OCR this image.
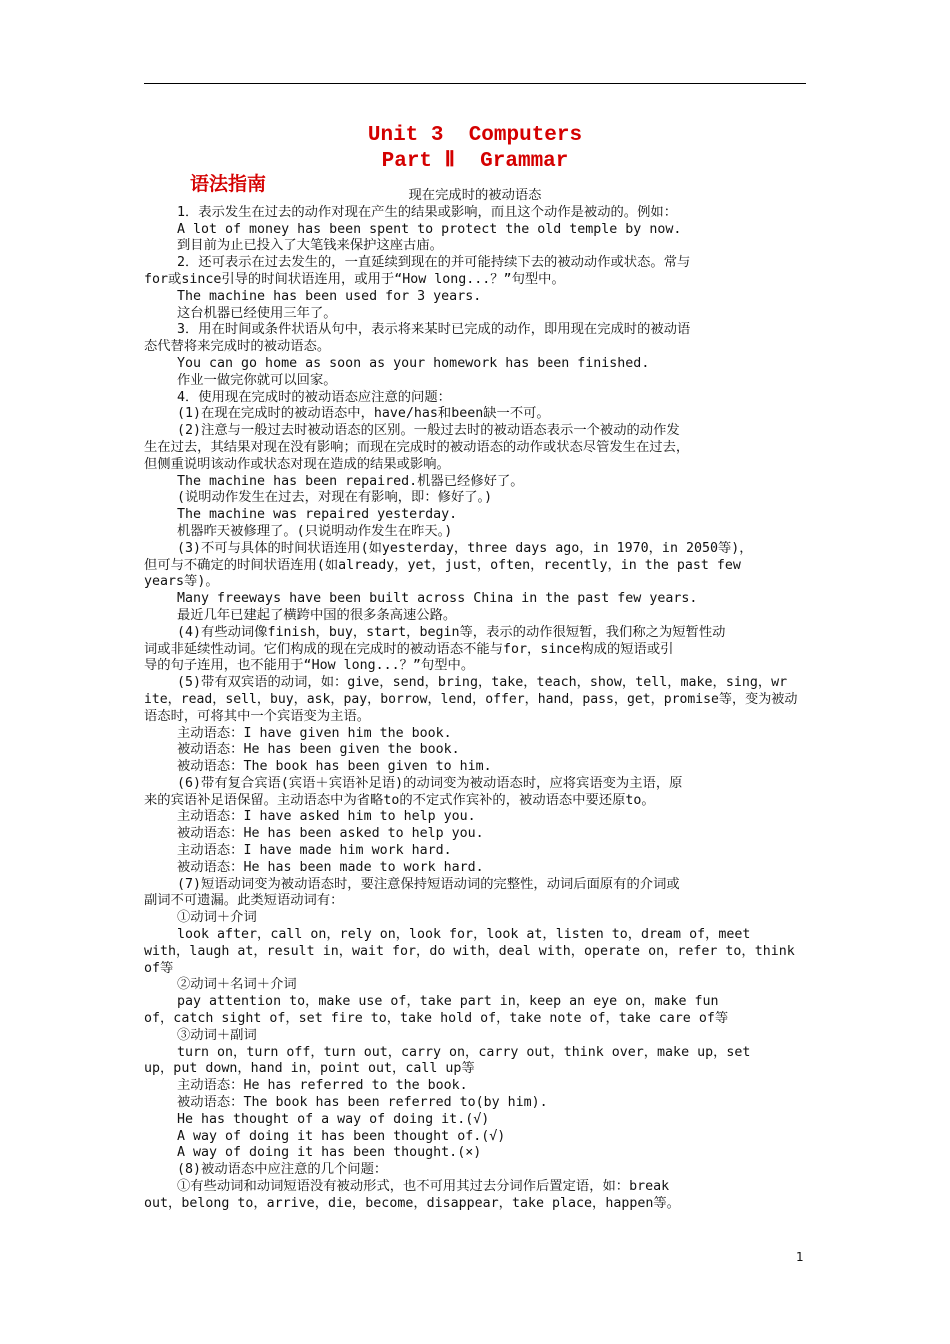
Unit 3  Computers
Part Ⅱ  Grammar
语法指南
现在完成时的被动语态
1．表示发生在过去的动作对现在产生的结果或影响，而且这个动作是被动的。例如：
A lot of money has been spent to protect the old temple by now.
到目前为止已投入了大笔钱来保护这座古庙。
2．还可表示在过去发生的，一直延续到现在的并可能持续下去的被动动作或状态。常与
for或since引导的时间状语连用，或用于“How long...？”句型中。
The machine has been used for 3 years.
这台机器已经使用三年了。
3．用在时间或条件状语从句中，表示将来某时已完成的动作，即用现在完成时的被动语
态代替将来完成时的被动语态。
You can go home as soon as your homework has been finished.
作业一做完你就可以回家。
4．使用现在完成时的被动语态应注意的问题：
(1)在现在完成时的被动语态中，have/has和been缺一不可。
(2)注意与一般过去时被动语态的区别。一般过去时的被动语态表示一个被动的动作发
生在过去，其结果对现在没有影响；而现在完成时的被动语态的动作或状态尽管发生在过去，
但侧重说明该动作或状态对现在造成的结果或影响。
The machine has been repaired.机器已经修好了。
(说明动作发生在过去，对现在有影响，即：修好了。)
The machine was repaired yesterday.
机器昨天被修理了。(只说明动作发生在昨天。)
(3)不可与具体的时间状语连用(如yesterday，three days ago，in 1970，in 2050等)，
但可与不确定的时间状语连用(如already，yet，just，often，recently，in the past few
years等)。
Many freeways have been built across China in the past few years.
最近几年已建起了横跨中国的很多条高速公路。
(4)有些动词像finish，buy，start，begin等，表示的动作很短暂，我们称之为短暂性动
词或非延续性动词。它们构成的现在完成时的被动语态不能与for，since构成的短语或引
导的句子连用，也不能用于“How long...？”句型中。
(5)带有双宾语的动词，如：give，send，bring，take，teach，show，tell，make，sing，wr
ite，read，sell，buy，ask，pay，borrow，lend，offer，hand，pass，get，promise等，变为被动
语态时，可将其中一个宾语变为主语。
主动语态：I have given him the book.
被动语态：He has been given the book.
被动语态：The book has been given to him.
(6)带有复合宾语(宾语＋宾语补足语)的动词变为被动语态时，应将宾语变为主语，原
来的宾语补足语保留。主动语态中为省略to的不定式作宾补的，被动语态中要还原to。
主动语态：I have asked him to help you.
被动语态：He has been asked to help you.
主动语态：I have made him work hard.
被动语态：He has been made to work hard.
(7)短语动词变为被动语态时，要注意保持短语动词的完整性，动词后面原有的介词或
副词不可遗漏。此类短语动词有：
①动词＋介词
look after，call on，rely on，look for，look at，listen to，dream of，meet
with，laugh at，result in，wait for，do with，deal with，operate on，refer to，think
of等
②动词＋名词＋介词
pay attention to，make use of，take part in，keep an eye on，make fun
of，catch sight of，set fire to，take hold of，take note of，take care of等
③动词＋副词
turn on，turn off，turn out，carry on，carry out，think over，make up，set
up，put down，hand in，point out，call up等
主动语态：He has referred to the book.
被动语态：The book has been referred to(by him).
He has thought of a way of doing it.(√)
A way of doing it has been thought of.(√)
A way of doing it has been thought.(×)
(8)被动语态中应注意的几个问题：
①有些动词和动词短语没有被动形式，也不可用其过去分词作后置定语，如：break
out，belong to，arrive，die，become，disappear，take place，happen等。
1
